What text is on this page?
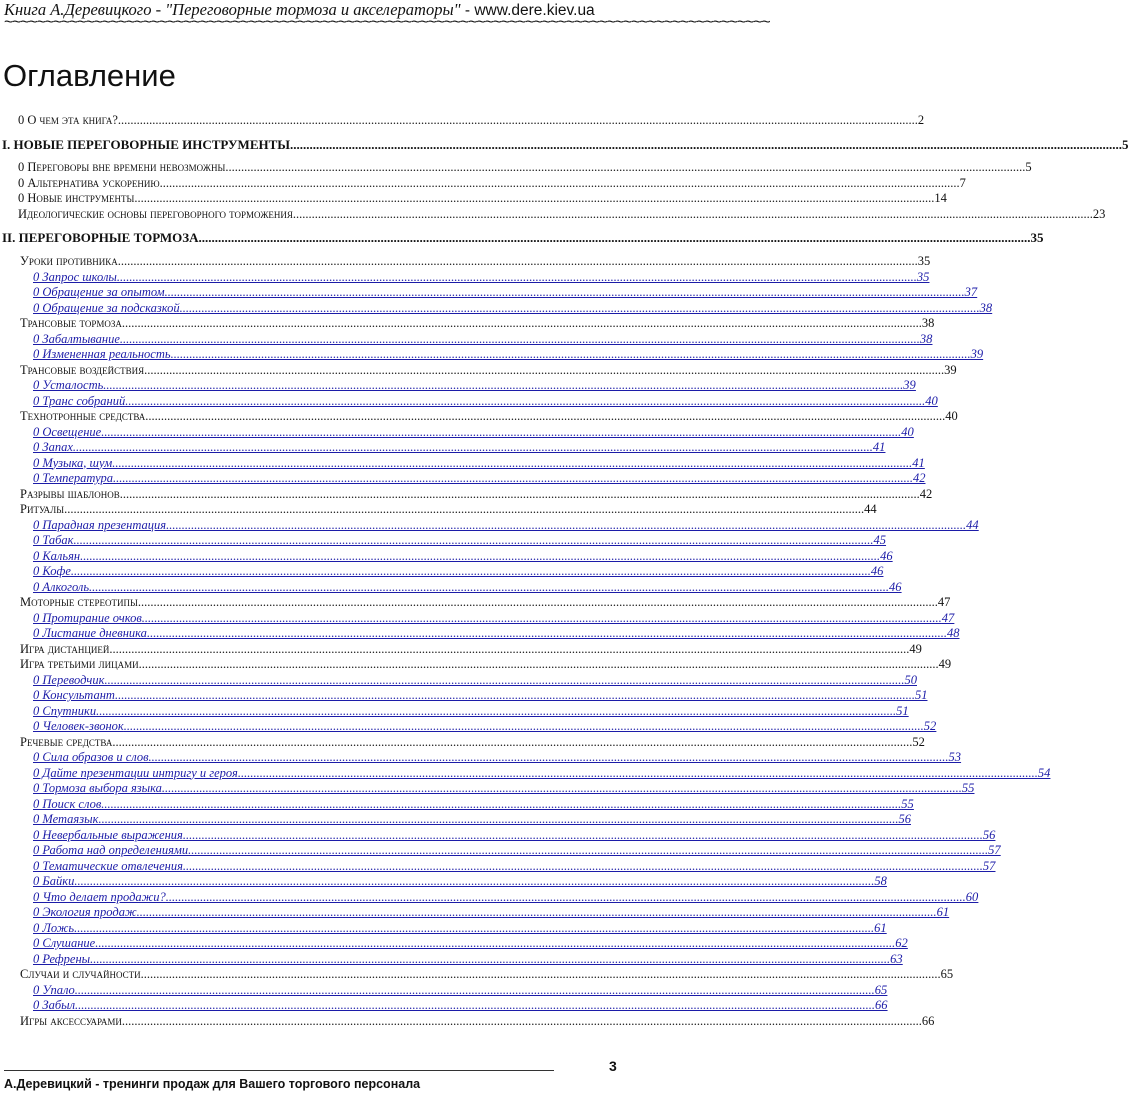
Книга А.Деревицкого - "Переговорные тормоза и акселераторы" - www.dere.kiev.ua
~~~~~~~~~~~~~~~~~~~~~~~~~~~~~~~~~~~~~~~~~~~~~~~~~~~~~~~~~~~~~~~~~~~~~~~~~~~~~~~~~~~~~~~~~~~~~~
Оглавление
0 О чем эта книга? .....	2
I. НОВЫЕ ПЕРЕГОВОРНЫЕ ИНСТРУМЕНТЫ .....	5
0 Переговоры вне времени невозможны .....	5
0 Альтернатива ускорению .....	7
0 Новые инструменты .....	14
Идеологические основы переговорного торможения .....	23
II. ПЕРЕГОВОРНЫЕ ТОРМОЗА .....	35
Уроки противника .....	35
0 Запрос школы .....	35
0 Обращение за опытом .....	37
0 Обращение за подсказкой .....	38
Трансовые тормоза .....	38
0 Забалтывание .....	38
0 Измененная реальность .....	39
Трансовые воздействия .....	39
0 Усталость .....	39
0 Транс собраний .....	40
Технотронные средства .....	40
0 Освещение .....	40
0 Запах .....	41
0 Музыка, шум .....	41
0 Температура .....	42
Разрывы шаблонов .....	42
Ритуалы .....	44
0 Парадная презентация .....	44
0 Табак .....	45
0 Кальян .....	46
0 Кофе .....	46
0 Алкоголь .....	46
Моторные стереотипы .....	47
0 Протирание очков .....	47
0 Листание дневника .....	48
Игра дистанцией .....	49
Игра третьими лицами .....	49
0 Переводчик .....	50
0 Консультант .....	51
0 Спутники .....	51
0 Человек-звонок .....	52
Речевые средства .....	52
0 Сила образов и слов .....	53
0 Дайте презентации интригу и героя .....	54
0 Тормоза выбора языка .....	55
0 Поиск слов .....	55
0 Метаязык .....	56
0 Невербальные выражения .....	56
0 Работа над определениями .....	57
0 Тематические отвлечения .....	57
0 Байки .....	58
0 Что делает продажи? .....	60
0 Экология продаж .....	61
0 Ложь .....	61
0 Слушание .....	62
0 Рефрены .....	63
Случаи и случайности .....	65
0 Упало .....	65
0 Забыл .....	66
Игры аксессуарами .....	66
3
А.Деревицкий - тренинги продаж для Вашего торгового персонала
